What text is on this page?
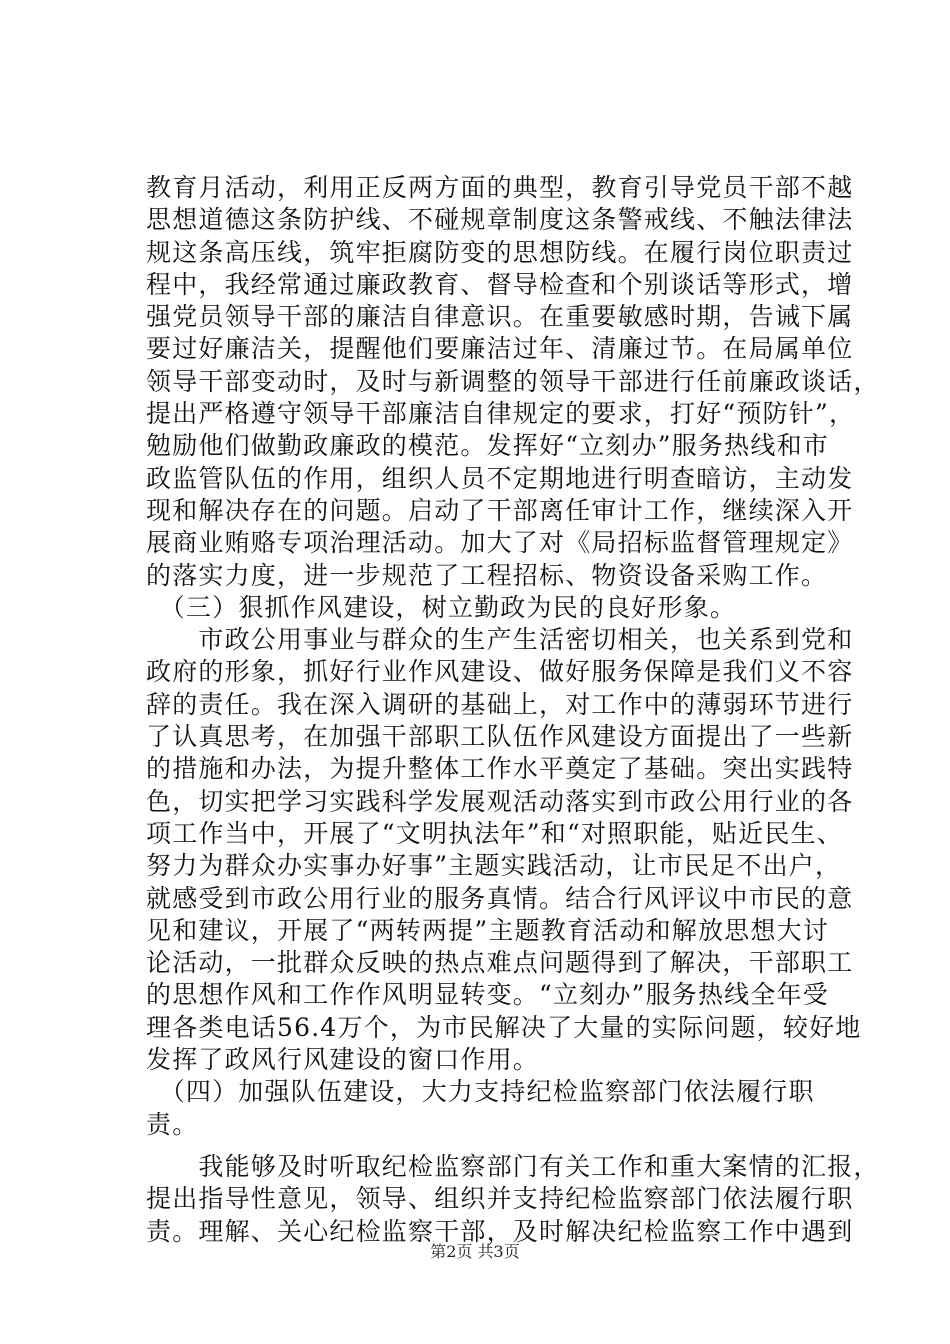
教育月活动，利用正反两方面的典型，教育引导党员干部不越
思想道德这条防护线、不碰规章制度这条警戒线、不触法律法
规这条高压线，筑牢拒腐防变的思想防线。在履行岗位职责过
程中，我经常通过廉政教育、督导检查和个别谈话等形式，增
强党员领导干部的廉洁自律意识。在重要敏感时期，告诫下属
要过好廉洁关，提醒他们要廉洁过年、清廉过节。在局属单位
领导干部变动时，及时与新调整的领导干部进行任前廉政谈话，
提出严格遵守领导干部廉洁自律规定的要求，打好“预防针”，
勉励他们做勤政廉政的模范。发挥好“立刻办”服务热线和市
政监管队伍的作用，组织人员不定期地进行明查暗访，主动发
现和解决存在的问题。启动了干部离任审计工作，继续深入开
展商业贿赂专项治理活动。加大了对《局招标监督管理规定》
的落实力度，进一步规范了工程招标、物资设备采购工作。
　（三）狠抓作风建设，树立勤政为民的良好形象。
　　市政公用事业与群众的生产生活密切相关，也关系到党和
政府的形象，抓好行业作风建设、做好服务保障是我们义不容
辞的责任。我在深入调研的基础上，对工作中的薄弱环节进行
了认真思考，在加强干部职工队伍作风建设方面提出了一些新
的措施和办法，为提升整体工作水平奠定了基础。突出实践特
色，切实把学习实践科学发展观活动落实到市政公用行业的各
项工作当中，开展了“文明执法年”和“对照职能，贴近民生、
努力为群众办实事办好事”主题实践活动，让市民足不出户，
就感受到市政公用行业的服务真情。结合行风评议中市民的意
见和建议，开展了“两转两提”主题教育活动和解放思想大讨
论活动，一批群众反映的热点难点问题得到了解决，干部职工
的思想作风和工作作风明显转变。“立刻办”服务热线全年受
理各类电话56.4万个，为市民解决了大量的实际问题，较好地
发挥了政风行风建设的窗口作用。
　（四）加强队伍建设，大力支持纪检监察部门依法履行职
责。
　　我能够及时听取纪检监察部门有关工作和重大案情的汇报，
提出指导性意见，领导、组织并支持纪检监察部门依法履行职
责。理解、关心纪检监察干部，及时解决纪检监察工作中遇到
第2页 共3页
